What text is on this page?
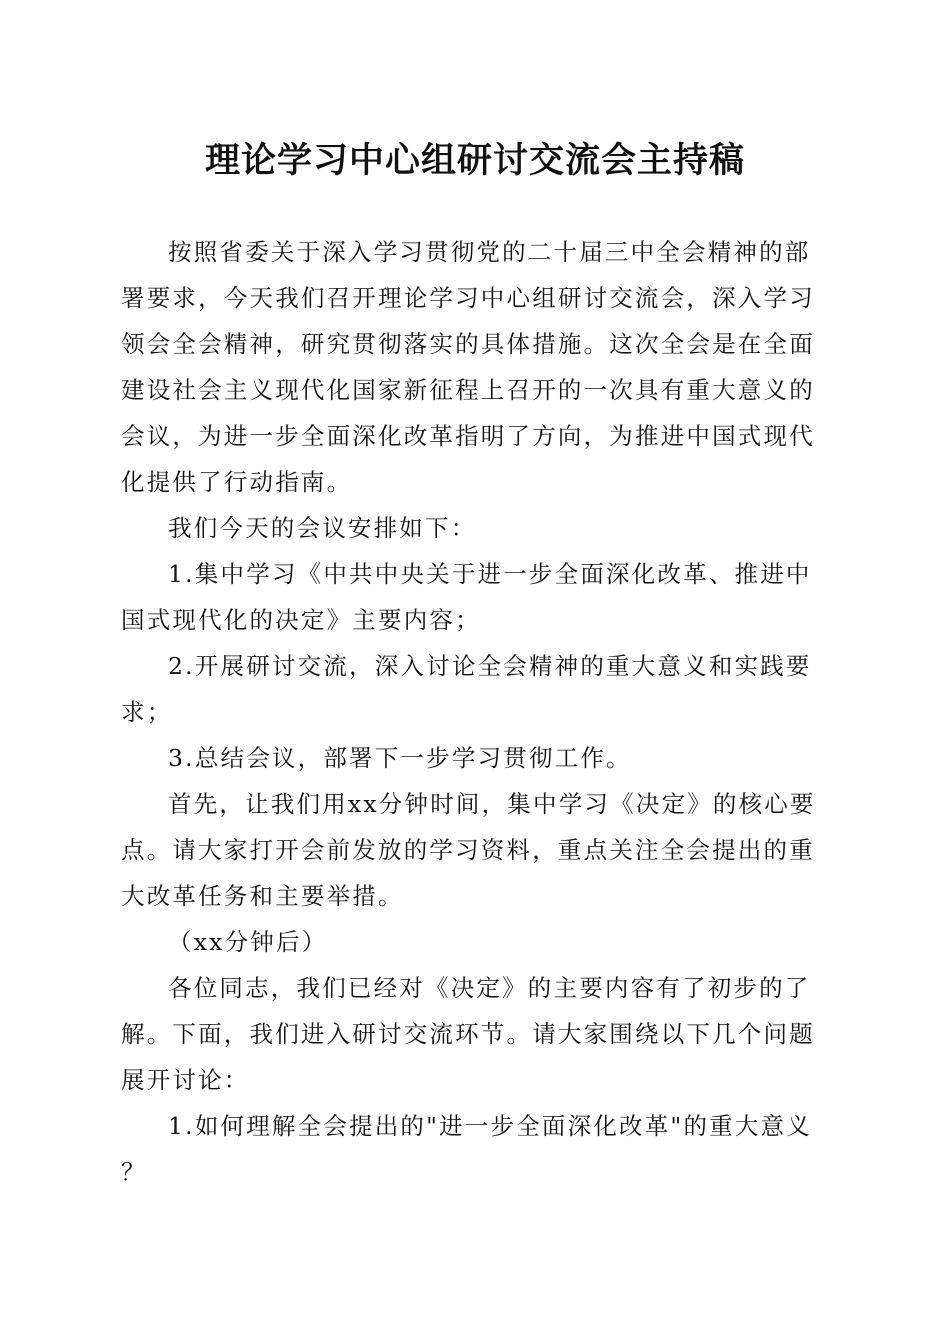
理论学习中心组研讨交流会主持稿

按照省委关于深入学习贯彻党的二十届三中全会精神的部署要求，今天我们召开理论学习中心组研讨交流会，深入学习领会全会精神，研究贯彻落实的具体措施。这次全会是在全面建设社会主义现代化国家新征程上召开的一次具有重大意义的会议，为进一步全面深化改革指明了方向，为推进中国式现代化提供了行动指南。

我们今天的会议安排如下：

1.集中学习《中共中央关于进一步全面深化改革、推进中国式现代化的决定》主要内容；

2.开展研讨交流，深入讨论全会精神的重大意义和实践要求；

3.总结会议，部署下一步学习贯彻工作。

首先，让我们用xx分钟时间，集中学习《决定》的核心要点。请大家打开会前发放的学习资料，重点关注全会提出的重大改革任务和主要举措。

（xx分钟后）

各位同志，我们已经对《决定》的主要内容有了初步的了解。下面，我们进入研讨交流环节。请大家围绕以下几个问题展开讨论：

1.如何理解全会提出的"进一步全面深化改革"的重大意义？
